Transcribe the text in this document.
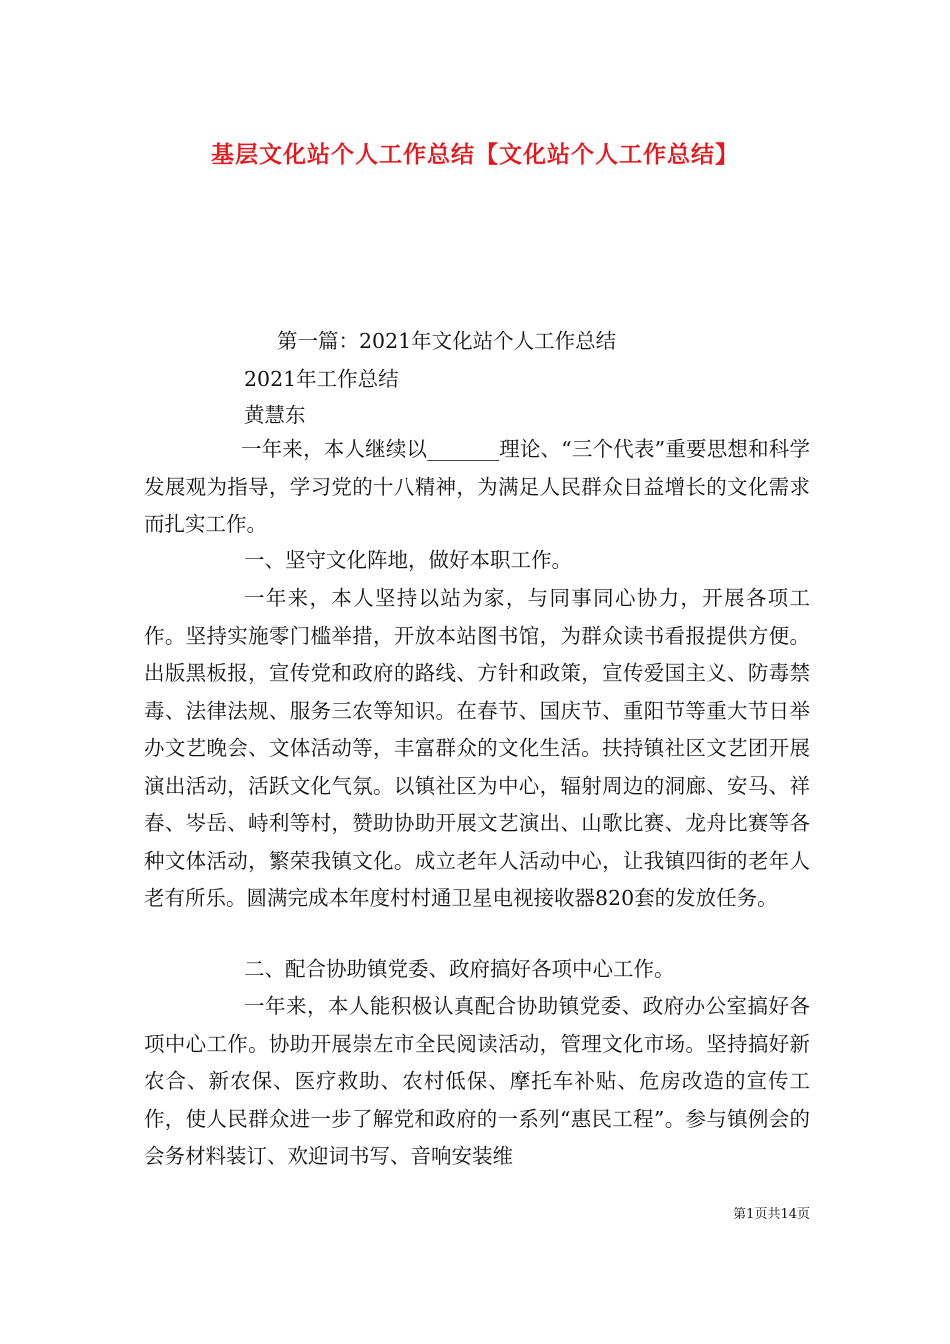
基层文化站个人工作总结【文化站个人工作总结】
第一篇：2021年文化站个人工作总结
2021年工作总结
黄慧东
一年来，本人继续以_______理论、“三个代表”重要思想和科学发展观为指导，学习党的十八精神，为满足人民群众日益增长的文化需求而扎实工作。
一、坚守文化阵地，做好本职工作。
一年来，本人坚持以站为家，与同事同心协力，开展各项工作。坚持实施零门槛举措，开放本站图书馆，为群众读书看报提供方便。出版黑板报，宣传党和政府的路线、方针和政策，宣传爱国主义、防毒禁毒、法律法规、服务三农等知识。在春节、国庆节、重阳节等重大节日举办文艺晚会、文体活动等，丰富群众的文化生活。扶持镇社区文艺团开展演出活动，活跃文化气氛。以镇社区为中心，辐射周边的洞廊、安马、祥春、岑岳、峙利等村，赞助协助开展文艺演出、山歌比赛、龙舟比赛等各种文体活动，繁荣我镇文化。成立老年人活动中心，让我镇四街的老年人老有所乐。圆满完成本年度村村通卫星电视接收器820套的发放任务。
二、配合协助镇党委、政府搞好各项中心工作。
一年来，本人能积极认真配合协助镇党委、政府办公室搞好各项中心工作。协助开展崇左市全民阅读活动，管理文化市场。坚持搞好新农合、新农保、医疗救助、农村低保、摩托车补贴、危房改造的宣传工作，使人民群众进一步了解党和政府的一系列“惠民工程”。参与镇例会的会务材料装订、欢迎词书写、音响安装维
第1页共14页
